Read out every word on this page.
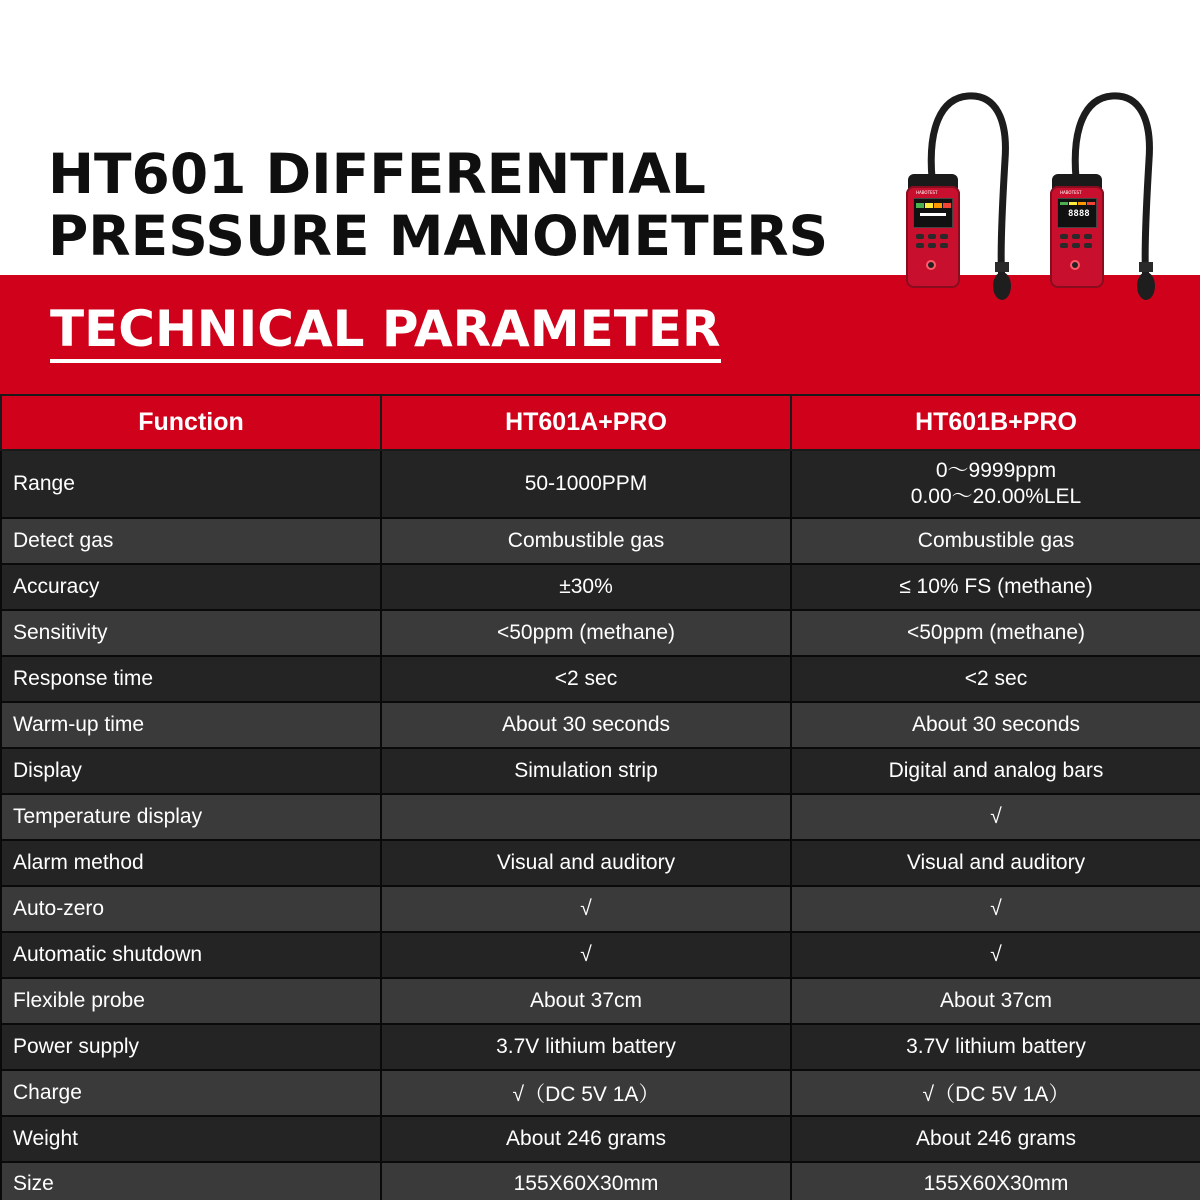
HT601 DIFFERENTIAL
PRESSURE MANOMETERS
TECHNICAL PARAMETER
HABOTEST	HABOTEST
8888
Function	HT601A+PRO	HT601B+PRO
Range	50-1000PPM	0～9999ppm
0.00～20.00%LEL

Detect gas	Combustible gas	Combustible gas
Accuracy	±30%	≤ 10% FS (methane)
Sensitivity	<50ppm (methane)	<50ppm (methane)
Response time	<2 sec	<2 sec
Warm-up time	About 30 seconds	About 30 seconds
Display	Simulation strip	Digital and analog bars
Temperature display		√
Alarm method	Visual and auditory	Visual and auditory
Auto-zero	√	√
Automatic shutdown	√	√
Flexible probe	About 37cm	About 37cm
Power supply	3.7V lithium battery	3.7V lithium battery
Charge	√（DC 5V 1A）	√（DC 5V 1A）
Weight	About 246 grams	About 246 grams
Size	155X60X30mm	155X60X30mm
